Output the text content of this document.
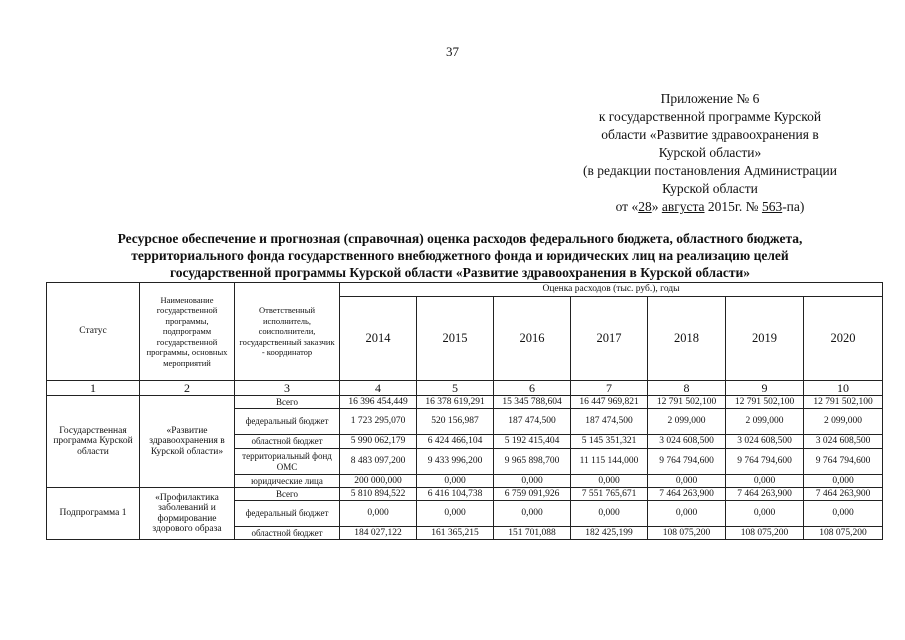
37
Приложение № 6
к государственной программе Курской
области «Развитие здравоохранения в
Курской области»
(в редакции постановления Администрации
Курской области
от «28» августа 2015г. № 563-па)
Ресурсное обеспечение и прогнозная (справочная) оценка расходов федерального бюджета, областного бюджета,
территориального фонда государственного внебюджетного фонда и юридических лиц на реализацию целей
государственной программы Курской области «Развитие здравоохранения в Курской области»
Статус	Наименование государственной программы, подпрограмм государственной программы, основных мероприятий	Ответственный исполнитель, соисполнители, государственный заказчик - координатор	Оценка расходов (тыс. руб.), годы						
			2014	2015	2016	2017	2018	2019	2020
1	2	3	4	5	6	7	8	9	10
Государственная программа Курской области	«Развитие здравоохранения в Курской области»	Всего	16 396 454,449	16 378 619,291	15 345 788,604	16 447 969,821	12 791 502,100	12 791 502,100	12 791 502,100
		федеральный бюджет	1 723 295,070	520 156,987	187 474,500	187 474,500	2 099,000	2 099,000	2 099,000
		областной бюджет	5 990 062,179	6 424 466,104	5 192 415,404	5 145 351,321	3 024 608,500	3 024 608,500	3 024 608,500
		территориальный фонд ОМС	8 483 097,200	9 433 996,200	9 965 898,700	11 115 144,000	9 764 794,600	9 764 794,600	9 764 794,600
		юридические лица	200 000,000	0,000	0,000	0,000	0,000	0,000	0,000
Подпрограмма 1	«Профилактика заболеваний и формирование здорового образа	Всего	5 810 894,522	6 416 104,738	6 759 091,926	7 551 765,671	7 464 263,900	7 464 263,900	7 464 263,900
		федеральный бюджет	0,000	0,000	0,000	0,000	0,000	0,000	0,000
		областной бюджет	184 027,122	161 365,215	151 701,088	182 425,199	108 075,200	108 075,200	108 075,200
